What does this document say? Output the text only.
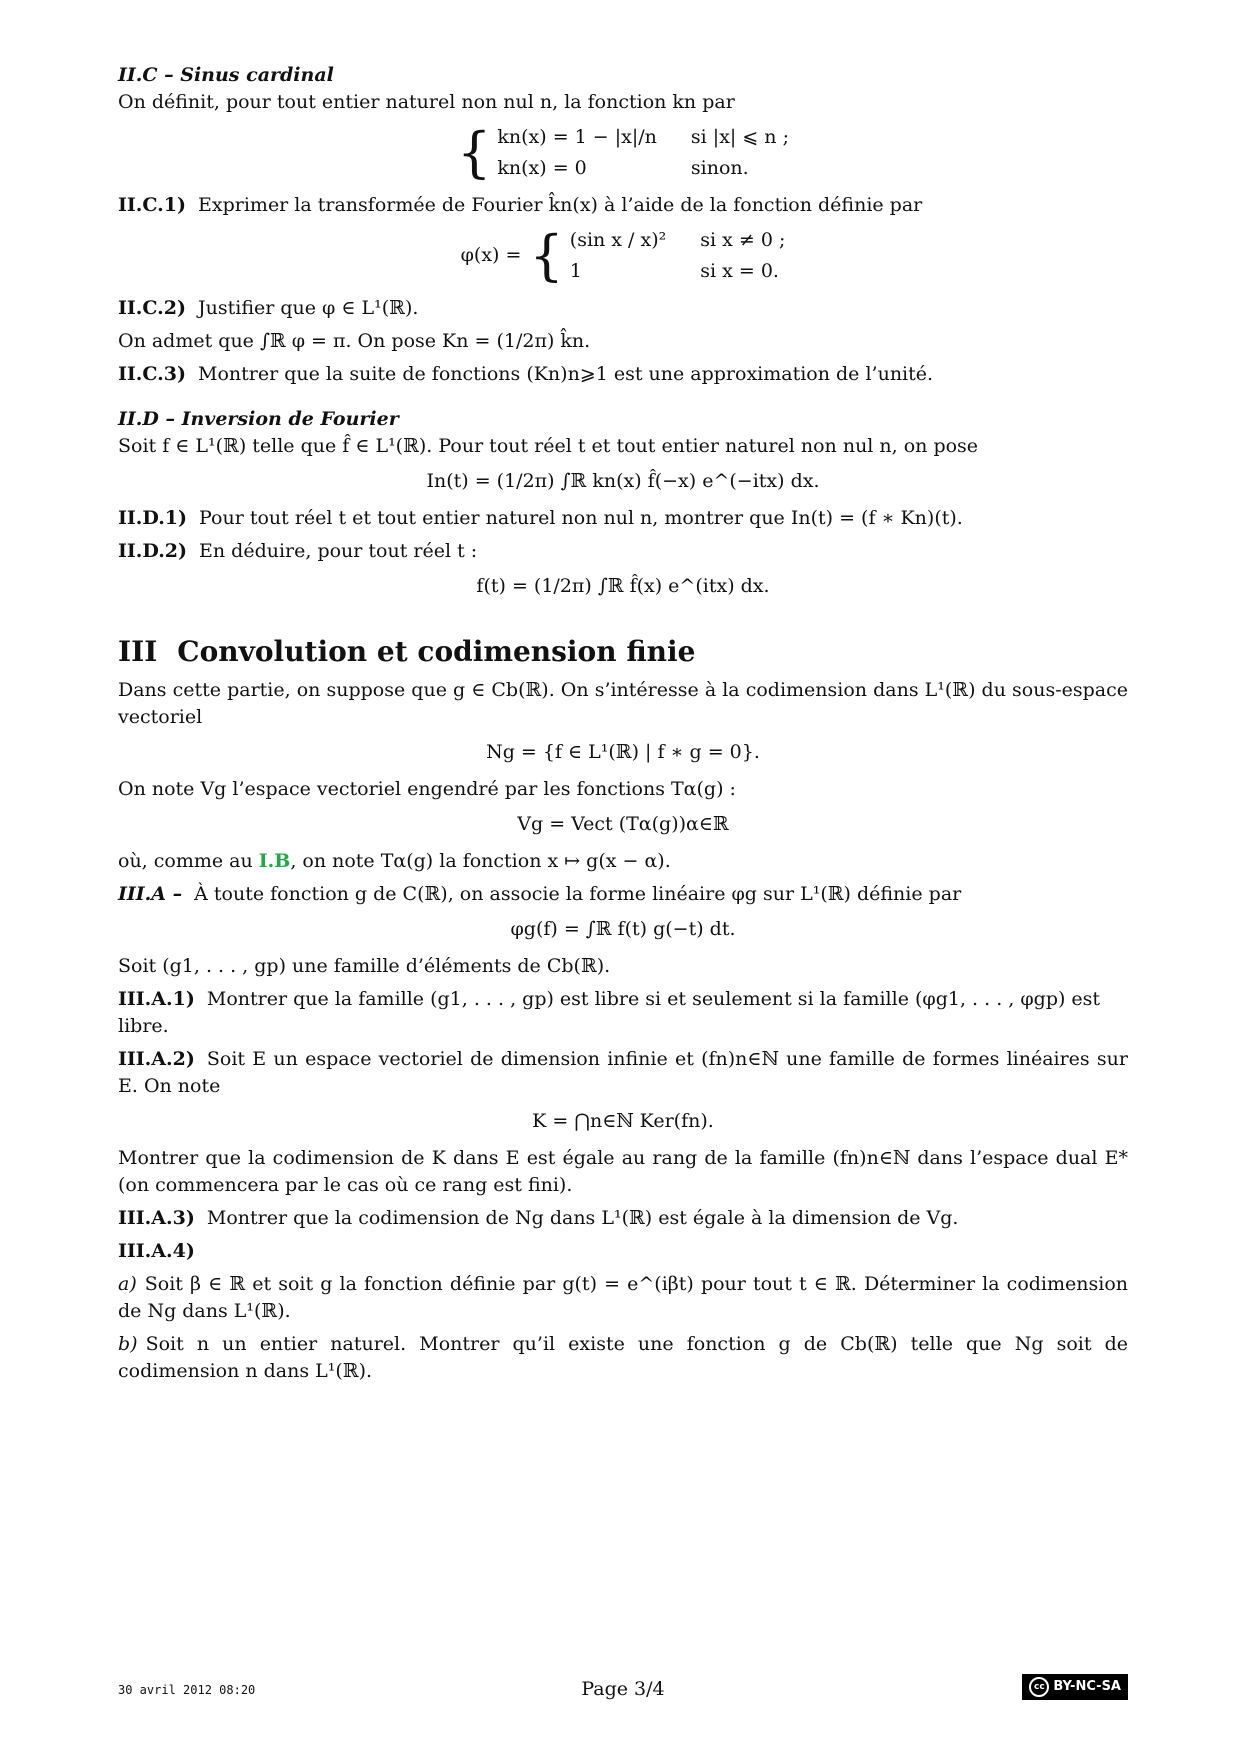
II.C – Sinus cardinal

On définit, pour tout entier naturel non nul n, la fonction kn par

{ kn(x) = 1 − |x|/n si |x| ⩽ n ;
kn(x) = 0	sinon.

II.C.1) Exprimer la transformée de Fourier k̂n(x) à l’aide de la fonction définie par

φ(x) = { (sin x / x)² si x ≠ 0 ;
1	si x = 0.

II.C.2) Justifier que φ ∈ L¹(ℝ).

On admet que ∫ℝ φ = π. On pose Kn = (1/2π) k̂n.

II.C.3) Montrer que la suite de fonctions (Kn)n⩾1 est une approximation de l’unité.

II.D – Inversion de Fourier

Soit f ∈ L¹(ℝ) telle que f̂ ∈ L¹(ℝ). Pour tout réel t et tout entier naturel non nul n, on pose

In(t) = (1/2π) ∫ℝ kn(x) f̂(−x) e^(−itx) dx.

II.D.1) Pour tout réel t et tout entier naturel non nul n, montrer que In(t) = (f ∗ Kn)(t).

II.D.2) En déduire, pour tout réel t :

f(t) = (1/2π) ∫ℝ f̂(x) e^(itx) dx.
III Convolution et codimension finie

Dans cette partie, on suppose que g ∈ Cb(ℝ). On s’intéresse à la codimension dans L¹(ℝ) du sous-espace vectoriel

Ng = {f ∈ L¹(ℝ) | f ∗ g = 0}.

On note Vg l’espace vectoriel engendré par les fonctions Tα(g) :

Vg = Vect (Tα(g))α∈ℝ

où, comme au I.B, on note Tα(g) la fonction x ↦ g(x − α).

III.A – À toute fonction g de C(ℝ), on associe la forme linéaire φg sur L¹(ℝ) définie par

φg(f) = ∫ℝ f(t) g(−t) dt.

Soit (g1, . . . , gp) une famille d’éléments de Cb(ℝ).

III.A.1) Montrer que la famille (g1, . . . , gp) est libre si et seulement si la famille (φg1, . . . , φgp) est libre.

III.A.2) Soit E un espace vectoriel de dimension infinie et (fn)n∈ℕ une famille de formes linéaires sur E. On note

K = ⋂n∈ℕ Ker(fn).

Montrer que la codimension de K dans E est égale au rang de la famille (fn)n∈ℕ dans l’espace dual E* (on commencera par le cas où ce rang est fini).

III.A.3) Montrer que la codimension de Ng dans L¹(ℝ) est égale à la dimension de Vg.

III.A.4)

a) Soit β ∈ ℝ et soit g la fonction définie par g(t) = e^(iβt) pour tout t ∈ ℝ. Déterminer la codimension de Ng dans L¹(ℝ).

b) Soit n un entier naturel. Montrer qu’il existe une fonction g de Cb(ℝ) telle que Ng soit de codimension n dans L¹(ℝ).

30 avril 2012 08:20	Page 3/4	cc BY-NC-SA
